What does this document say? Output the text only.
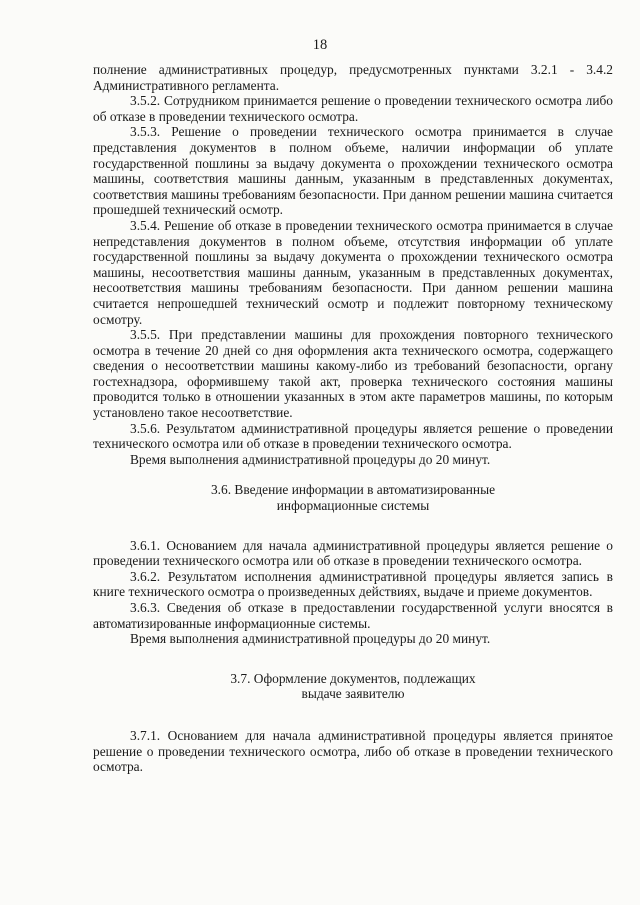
18

полнение административных процедур, предусмотренных пунктами 3.2.1 - 3.4.2 Административного регламента.

3.5.2. Сотрудником принимается решение о проведении технического осмотра либо об отказе в проведении технического осмотра.

3.5.3. Решение о проведении технического осмотра принимается в случае представления документов в полном объеме, наличии информации об уплате государственной пошлины за выдачу документа о прохождении технического осмотра машины, соответствия машины данным, указанным в представленных документах, соответствия машины требованиям безопасности. При данном решении машина считается прошедшей технический осмотр.

3.5.4. Решение об отказе в проведении технического осмотра принимается в случае непредставления документов в полном объеме, отсутствия информации об уплате государственной пошлины за выдачу документа о прохождении технического осмотра машины, несоответствия машины данным, указанным в представленных документах, несоответствия машины требованиям безопасности. При данном решении машина считается непрошедшей технический осмотр и подлежит повторному техническому осмотру.

3.5.5. При представлении машины для прохождения повторного технического осмотра в течение 20 дней со дня оформления акта технического осмотра, содержащего сведения о несоответствии машины какому-либо из требований безопасности, органу гостехнадзора, оформившему такой акт, проверка технического состояния машины проводится только в отношении указанных в этом акте параметров машины, по которым установлено такое несоответствие.

3.5.6. Результатом административной процедуры является решение о проведении технического осмотра или об отказе в проведении технического осмотра.

Время выполнения административной процедуры до 20 минут.

3.6. Введение информации в автоматизированные

информационные системы

3.6.1. Основанием для начала административной процедуры является решение о проведении технического осмотра или об отказе в проведении технического осмотра.

3.6.2. Результатом исполнения административной процедуры является запись в книге технического осмотра о произведенных действиях, выдаче и приеме документов.

3.6.3. Сведения об отказе в предоставлении государственной услуги вносятся в автоматизированные информационные системы.

Время выполнения административной процедуры до 20 минут.

3.7. Оформление документов, подлежащих

выдаче заявителю

3.7.1. Основанием для начала административной процедуры является принятое решение о проведении технического осмотра, либо об отказе в проведении технического осмотра.
